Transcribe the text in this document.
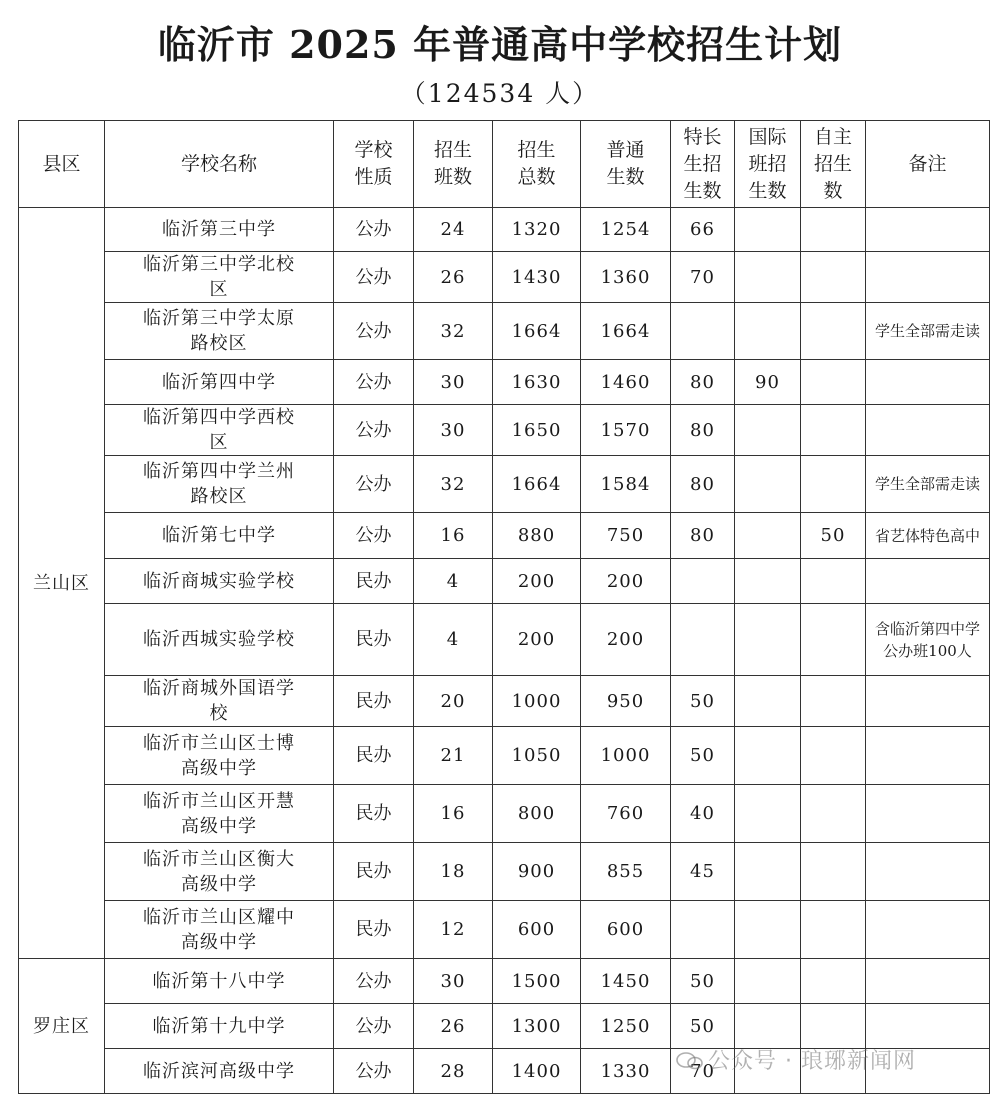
临沂市 2025 年普通高中学校招生计划
（124534 人）
县区	学校名称	学校性质	招生班数	招生总数	普通生数	特长生招生数	国际班招生数	自主招生数	备注
兰山区	临沂第三中学	公办	24	1320	1254	66			

	临沂第三中学北校区	公办	26	1430	1360	70			

	临沂第三中学太原路校区	公办	32	1664	1664				学生全部需走读

	临沂第四中学	公办	30	1630	1460	80	90		

	临沂第四中学西校区	公办	30	1650	1570	80			

	临沂第四中学兰州路校区	公办	32	1664	1584	80			学生全部需走读

	临沂第七中学	公办	16	880	750	80		50	省艺体特色高中

	临沂商城实验学校	民办	4	200	200				

	临沂西城实验学校	民办	4	200	200				含临沂第四中学公办班100人

	临沂商城外国语学校	民办	20	1000	950	50			

	临沂市兰山区士博高级中学	民办	21	1050	1000	50			

	临沂市兰山区开慧高级中学	民办	16	800	760	40			

	临沂市兰山区衡大高级中学	民办	18	900	855	45			

	临沂市兰山区耀中高级中学	民办	12	600	600				
罗庄区	临沂第十八中学	公办	30	1500	1450	50			

	临沂第十九中学	公办	26	1300	1250	50			

	临沂滨河高级中学	公办	28	1400	1330	70			
公众号 · 琅琊新闻网
